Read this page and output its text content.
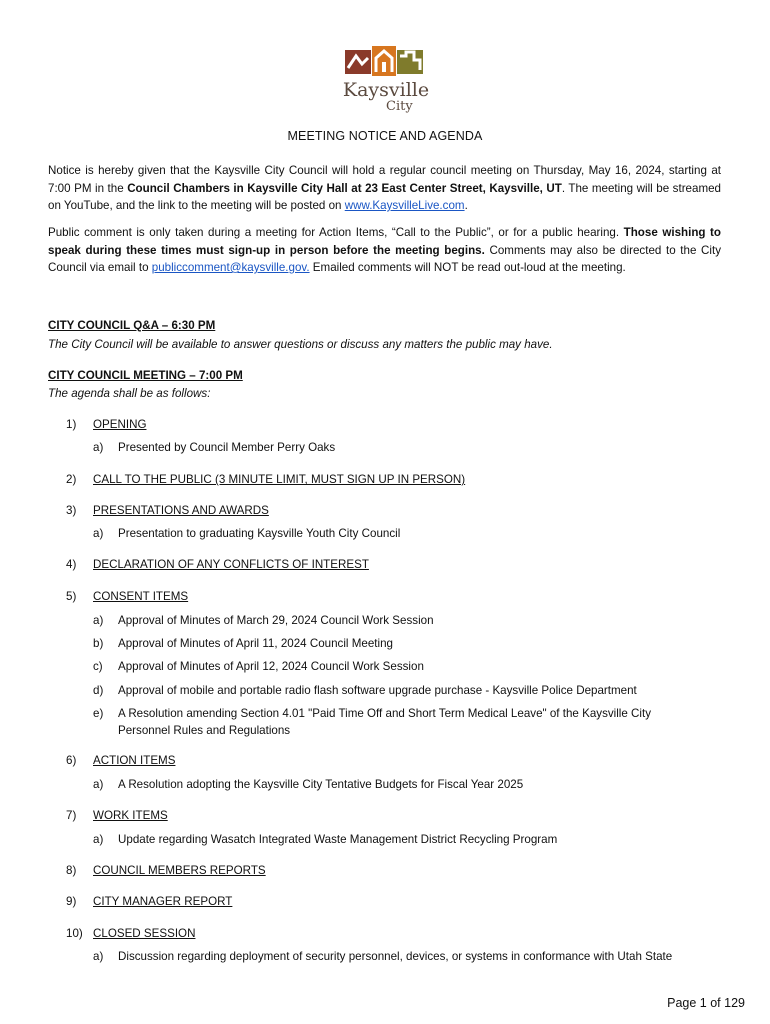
Kaysville
City
MEETING NOTICE AND AGENDA
Notice is hereby given that the Kaysville City Council will hold a regular council meeting on Thursday, May 16, 2024, starting at 7:00 PM in the Council Chambers in Kaysville City Hall at 23 East Center Street, Kaysville, UT. The meeting will be streamed on YouTube, and the link to the meeting will be posted on www.KaysvilleLive.com.
Public comment is only taken during a meeting for Action Items, “Call to the Public”, or for a public hearing. Those wishing to speak during these times must sign-up in person before the meeting begins. Comments may also be directed to the City Council via email to publiccomment@kaysville.gov. Emailed comments will NOT be read out-loud at the meeting.
CITY COUNCIL Q&A – 6:30 PM
The City Council will be available to answer questions or discuss any matters the public may have.
CITY COUNCIL MEETING – 7:00 PM
The agenda shall be as follows:
1) OPENING
a)	Presented by Council Member Perry Oaks
2) CALL TO THE PUBLIC (3 MINUTE LIMIT, MUST SIGN UP IN PERSON)
3) PRESENTATIONS AND AWARDS
a)	Presentation to graduating Kaysville Youth City Council
4) DECLARATION OF ANY CONFLICTS OF INTEREST
5) CONSENT ITEMS
a)	Approval of Minutes of March 29, 2024 Council Work Session
b)	Approval of Minutes of April 11, 2024 Council Meeting
c)	Approval of Minutes of April 12, 2024 Council Work Session
d)	Approval of mobile and portable radio flash software upgrade purchase - Kaysville Police Department
e)	A Resolution amending Section 4.01 "Paid Time Off and Short Term Medical Leave" of the Kaysville City Personnel Rules and Regulations
6) ACTION ITEMS
a)	A Resolution adopting the Kaysville City Tentative Budgets for Fiscal Year 2025
7) WORK ITEMS
a)	Update regarding Wasatch Integrated Waste Management District Recycling Program
8) COUNCIL MEMBERS REPORTS
9) CITY MANAGER REPORT
10) CLOSED SESSION
a)	Discussion regarding deployment of security personnel, devices, or systems in conformance with Utah State
Page 1 of 129
